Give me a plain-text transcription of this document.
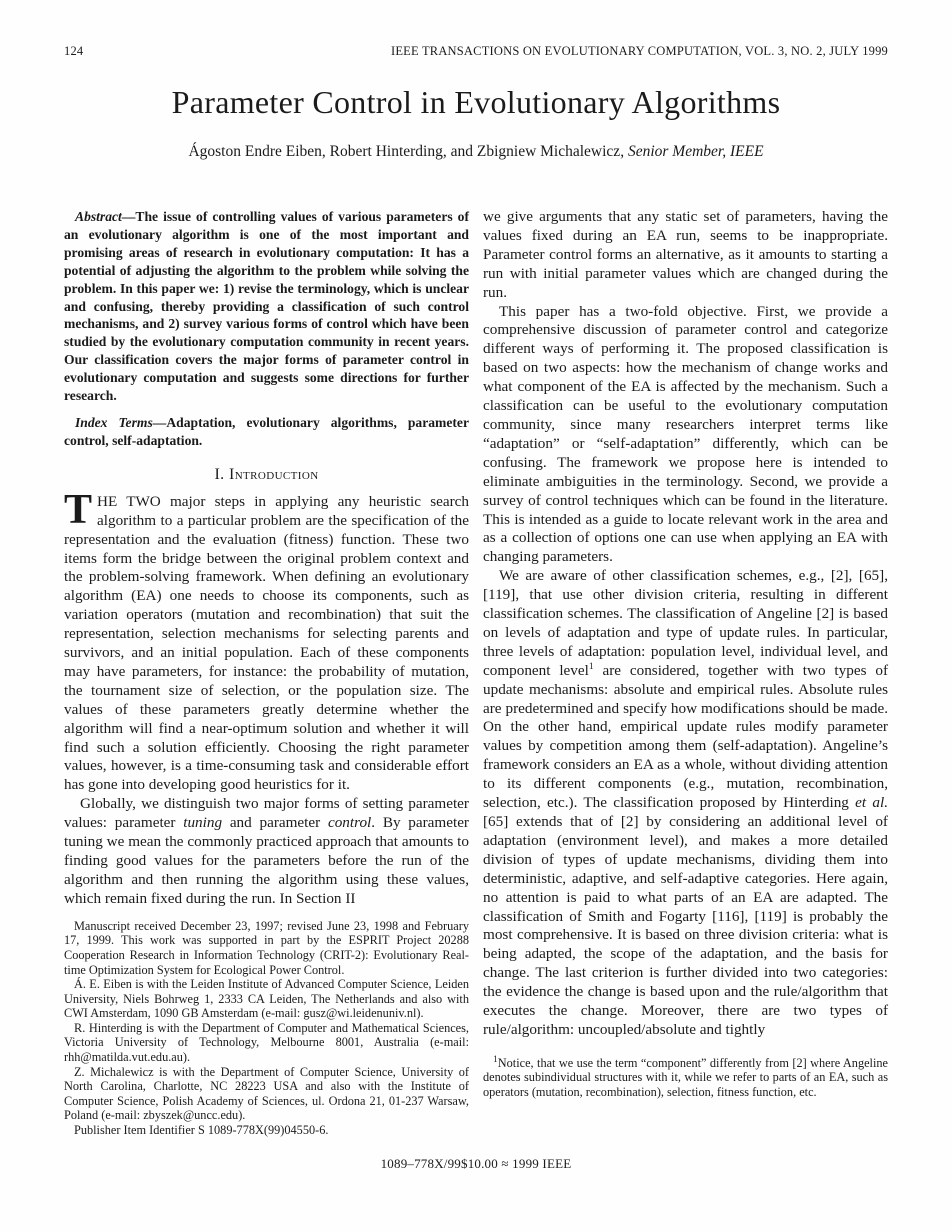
124	IEEE TRANSACTIONS ON EVOLUTIONARY COMPUTATION, VOL. 3, NO. 2, JULY 1999
Parameter Control in Evolutionary Algorithms
Ágoston Endre Eiben, Robert Hinterding, and Zbigniew Michalewicz, Senior Member, IEEE

Abstract—The issue of controlling values of various parameters of an evolutionary algorithm is one of the most important and promising areas of research in evolutionary computation: It has a potential of adjusting the algorithm to the problem while solving the problem. In this paper we: 1) revise the terminology, which is unclear and confusing, thereby providing a classification of such control mechanisms, and 2) survey various forms of control which have been studied by the evolutionary computation community in recent years. Our classification covers the major forms of parameter control in evolutionary computation and suggests some directions for further research.

Index Terms—Adaptation, evolutionary algorithms, parameter control, self-adaptation.

I. Introduction

THE TWO major steps in applying any heuristic search algorithm to a particular problem are the specification of the representation and the evaluation (fitness) function. These two items form the bridge between the original problem context and the problem-solving framework. When defining an evolutionary algorithm (EA) one needs to choose its components, such as variation operators (mutation and recombination) that suit the representation, selection mechanisms for selecting parents and survivors, and an initial population. Each of these components may have parameters, for instance: the probability of mutation, the tournament size of selection, or the population size. The values of these parameters greatly determine whether the algorithm will find a near-optimum solution and whether it will find such a solution efficiently. Choosing the right parameter values, however, is a time-consuming task and considerable effort has gone into developing good heuristics for it.

Globally, we distinguish two major forms of setting parameter values: parameter tuning and parameter control. By parameter tuning we mean the commonly practiced approach that amounts to finding good values for the parameters before the run of the algorithm and then running the algorithm using these values, which remain fixed during the run. In Section II

Manuscript received December 23, 1997; revised June 23, 1998 and February 17, 1999. This work was supported in part by the ESPRIT Project 20288 Cooperation Research in Information Technology (CRIT-2): Evolutionary Real-time Optimization System for Ecological Power Control.

Á. E. Eiben is with the Leiden Institute of Advanced Computer Science, Leiden University, Niels Bohrweg 1, 2333 CA Leiden, The Netherlands and also with CWI Amsterdam, 1090 GB Amsterdam (e-mail: gusz@wi.leidenuniv.nl).

R. Hinterding is with the Department of Computer and Mathematical Sciences, Victoria University of Technology, Melbourne 8001, Australia (e-mail: rhh@matilda.vut.edu.au).

Z. Michalewicz is with the Department of Computer Science, University of North Carolina, Charlotte, NC 28223 USA and also with the Institute of Computer Science, Polish Academy of Sciences, ul. Ordona 21, 01-237 Warsaw, Poland (e-mail: zbyszek@uncc.edu).

Publisher Item Identifier S 1089-778X(99)04550-6.

we give arguments that any static set of parameters, having the values fixed during an EA run, seems to be inappropriate. Parameter control forms an alternative, as it amounts to starting a run with initial parameter values which are changed during the run.

This paper has a two-fold objective. First, we provide a comprehensive discussion of parameter control and categorize different ways of performing it. The proposed classification is based on two aspects: how the mechanism of change works and what component of the EA is affected by the mechanism. Such a classification can be useful to the evolutionary computation community, since many researchers interpret terms like “adaptation” or “self-adaptation” differently, which can be confusing. The framework we propose here is intended to eliminate ambiguities in the terminology. Second, we provide a survey of control techniques which can be found in the literature. This is intended as a guide to locate relevant work in the area and as a collection of options one can use when applying an EA with changing parameters.

We are aware of other classification schemes, e.g., [2], [65], [119], that use other division criteria, resulting in different classification schemes. The classification of Angeline [2] is based on levels of adaptation and type of update rules. In particular, three levels of adaptation: population level, individual level, and component level$^1$ are considered, together with two types of update mechanisms: absolute and empirical rules. Absolute rules are predetermined and specify how modifications should be made. On the other hand, empirical update rules modify parameter values by competition among them (self-adaptation). Angeline’s framework considers an EA as a whole, without dividing attention to its different components (e.g., mutation, recombination, selection, etc.). The classification proposed by Hinterding et al. [65] extends that of [2] by considering an additional level of adaptation (environment level), and makes a more detailed division of types of update mechanisms, dividing them into deterministic, adaptive, and self-adaptive categories. Here again, no attention is paid to what parts of an EA are adapted. The classification of Smith and Fogarty [116], [119] is probably the most comprehensive. It is based on three division criteria: what is being adapted, the scope of the adaptation, and the basis for change. The last criterion is further divided into two categories: the evidence the change is based upon and the rule/algorithm that executes the change. Moreover, there are two types of rule/algorithm: uncoupled/absolute and tightly

$^1$Notice, that we use the term “component” differently from [2] where Angeline denotes subindividual structures with it, while we refer to parts of an EA, such as operators (mutation, recombination), selection, fitness function, etc.

1089–778X/99$10.00 ≈ 1999 IEEE
